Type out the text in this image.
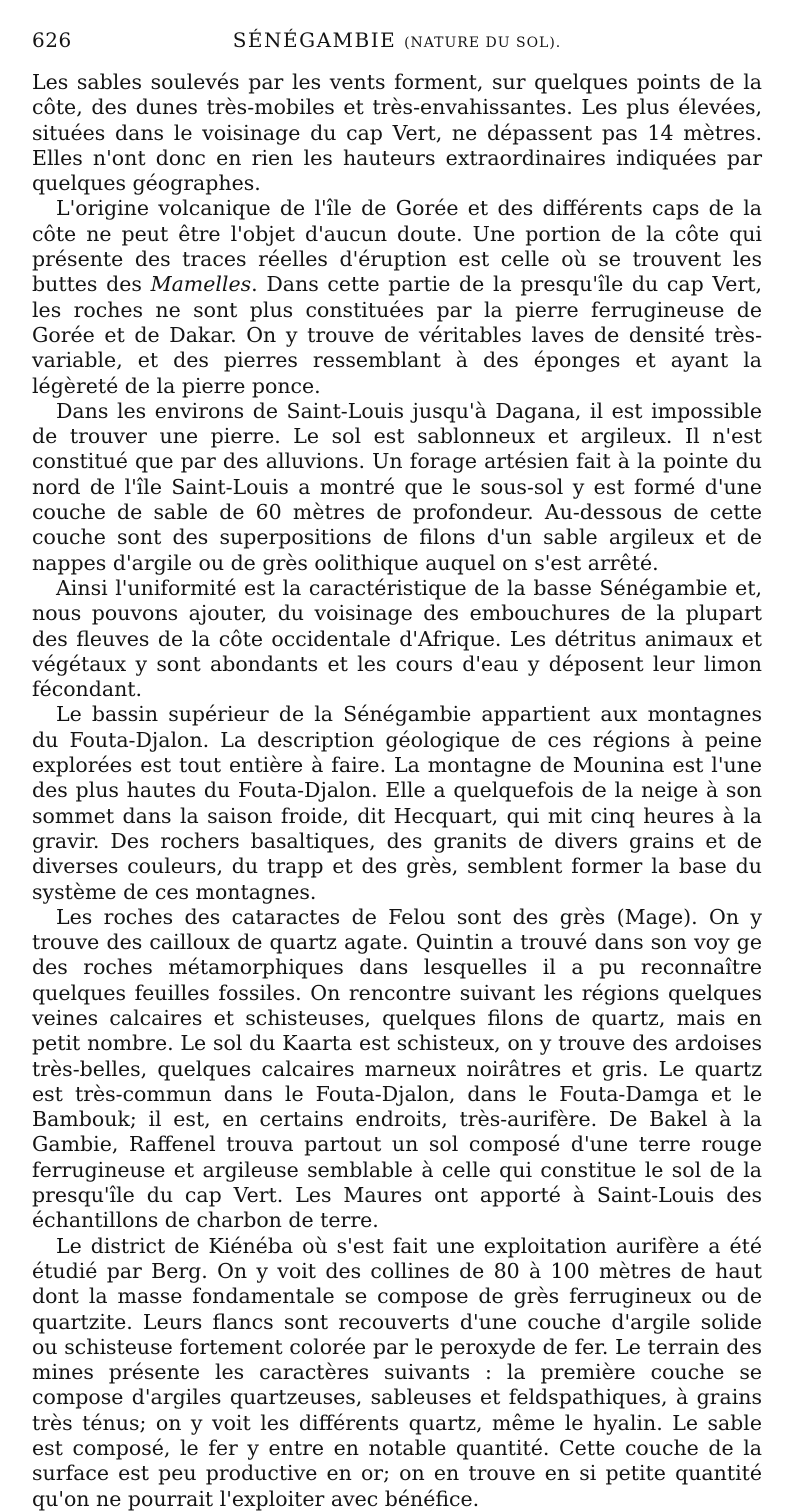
626	SÉNÉGAMBIE (NATURE DU SOL).

Les sables soulevés par les vents forment, sur quelques points de la côte, des dunes très-mobiles et très-envahissantes. Les plus élevées, situées dans le voisinage du cap Vert, ne dépassent pas 14 mètres. Elles n'ont donc en rien les hauteurs extraordinaires indiquées par quelques géographes.

L'origine volcanique de l'île de Gorée et des différents caps de la côte ne peut être l'objet d'aucun doute. Une portion de la côte qui présente des traces réelles d'éruption est celle où se trouvent les buttes des Mamelles. Dans cette partie de la presqu'île du cap Vert, les roches ne sont plus constituées par la pierre ferrugineuse de Gorée et de Dakar. On y trouve de véritables laves de densité très-variable, et des pierres ressemblant à des éponges et ayant la légèreté de la pierre ponce.

Dans les environs de Saint-Louis jusqu'à Dagana, il est impossible de trouver une pierre. Le sol est sablonneux et argileux. Il n'est constitué que par des alluvions. Un forage artésien fait à la pointe du nord de l'île Saint-Louis a montré que le sous-sol y est formé d'une couche de sable de 60 mètres de profondeur. Au-dessous de cette couche sont des superpositions de filons d'un sable argileux et de nappes d'argile ou de grès oolithique auquel on s'est arrêté.

Ainsi l'uniformité est la caractéristique de la basse Sénégambie et, nous pouvons ajouter, du voisinage des embouchures de la plupart des fleuves de la côte occidentale d'Afrique. Les détritus animaux et végétaux y sont abondants et les cours d'eau y déposent leur limon fécondant.

Le bassin supérieur de la Sénégambie appartient aux montagnes du Fouta-Djalon. La description géologique de ces régions à peine explorées est tout entière à faire. La montagne de Mounina est l'une des plus hautes du Fouta-Djalon. Elle a quelquefois de la neige à son sommet dans la saison froide, dit Hecquart, qui mit cinq heures à la gravir. Des rochers basaltiques, des granits de divers grains et de diverses couleurs, du trapp et des grès, semblent former la base du système de ces montagnes.

Les roches des cataractes de Felou sont des grès (Mage). On y trouve des cailloux de quartz agate. Quintin a trouvé dans son voy ge des roches métamorphiques dans lesquelles il a pu reconnaître quelques feuilles fossiles. On rencontre suivant les régions quelques veines calcaires et schisteuses, quelques filons de quartz, mais en petit nombre. Le sol du Kaarta est schisteux, on y trouve des ardoises très-belles, quelques calcaires marneux noirâtres et gris. Le quartz est très-commun dans le Fouta-Djalon, dans le Fouta-Damga et le Bambouk; il est, en certains endroits, très-aurifère. De Bakel à la Gambie, Raffenel trouva partout un sol composé d'une terre rouge ferrugineuse et argileuse semblable à celle qui constitue le sol de la presqu'île du cap Vert. Les Maures ont apporté à Saint-Louis des échantillons de charbon de terre.

Le district de Kiénéba où s'est fait une exploitation aurifère a été étudié par Berg. On y voit des collines de 80 à 100 mètres de haut dont la masse fondamentale se compose de grès ferrugineux ou de quartzite. Leurs flancs sont recouverts d'une couche d'argile solide ou schisteuse fortement colorée par le peroxyde de fer. Le terrain des mines présente les caractères suivants : la première couche se compose d'argiles quartzeuses, sableuses et feldspathiques, à grains très ténus; on y voit les différents quartz, même le hyalin. Le sable est composé, le fer y entre en notable quantité. Cette couche de la surface est peu productive en or; on en trouve en si petite quantité qu'on ne pourrait l'exploiter avec bénéfice.
